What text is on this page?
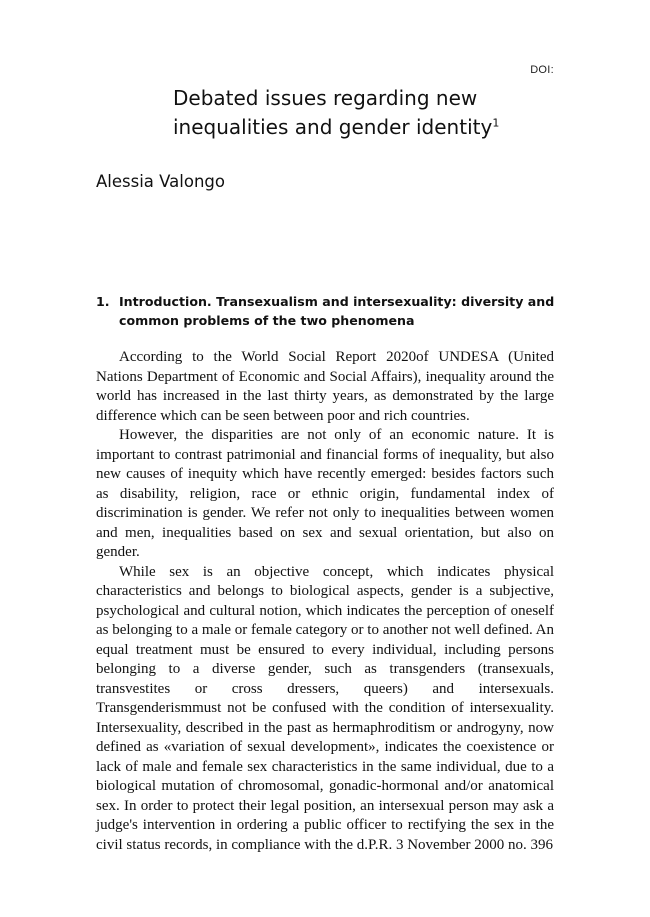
DOI:
Debated issues regarding new
inequalities and gender identity$^1$
Alessia Valongo
1. Introduction. Transexualism and intersexuality: diversity and common problems of the two phenomena

According to the World Social Report 2020of UNDESA (United Nations Department of Economic and Social Affairs), inequality around the world has increased in the last thirty years, as demonstrated by the large difference which can be seen between poor and rich countries.

However, the disparities are not only of an economic nature. It is important to contrast patrimonial and financial forms of inequality, but also new causes of inequity which have recently emerged: besides factors such as disability, religion, race or ethnic origin, fundamental index of discrimination is gender. We refer not only to inequalities between women and men, inequalities based on sex and sexual orientation, but also on gender.

While sex is an objective concept, which indicates physical characteristics and belongs to biological aspects, gender is a subjective, psychological and cultural notion, which indicates the perception of oneself as belonging to a male or female category or to another not well defined. An equal treatment must be ensured to every individual, including persons belonging to a diverse gender, such as transgenders (transexuals, transvestites or cross dressers, queers) and intersexuals. Transgenderismmust not be confused with the condition of intersexuality. Intersexuality, described in the past as hermaphroditism or androgyny, now defined as «variation of sexual development», indicates the coexistence or lack of male and female sex characteristics in the same individual, due to a biological mutation of chromosomal, gonadic-hormonal and/or anatomical sex. In order to protect their legal position, an intersexual person may ask a judge's intervention in ordering a public officer to rectifying the sex in the civil status records, in compliance with the d.P.R. 3 November 2000 no. 396
